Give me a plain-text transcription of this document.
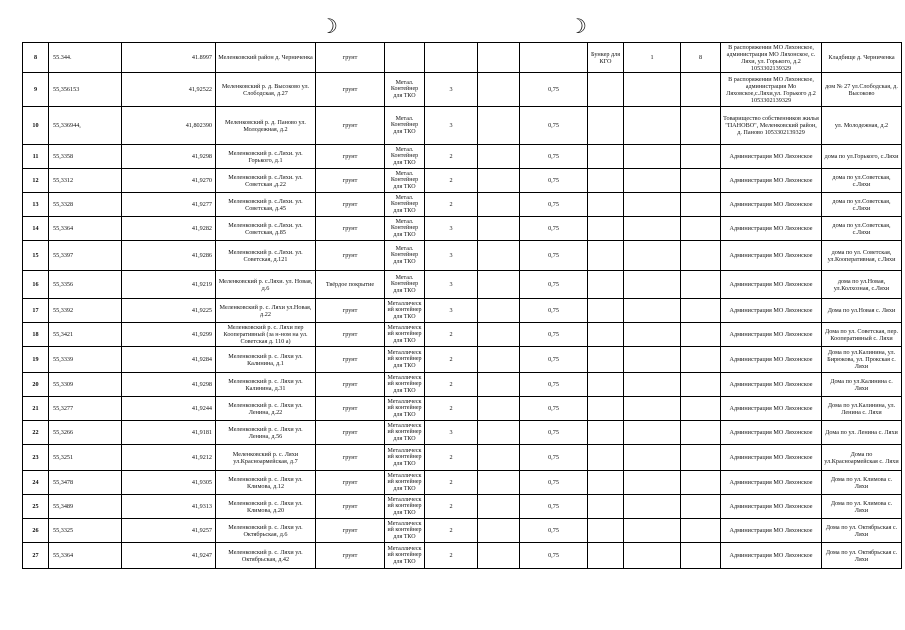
☽	☽
8	55.344.	41.8997	Меленковский район д. Черниченка	грунт					Бункер для КГО	1	8	В распоряжении МО Ляхонское, администрация МО Ляхонское, с. Ляхи, ул. Горького, д.2 1053302139329	Кладбище д. Черниченка
9	55,356153	41,92522	Меленковский р. д. Высоково ул. Слободская, д.27	грунт	Метал. Контейнер для ТКО	3		0,75				В распоряжении МО Ляхонское, администрация Мо Ляховское,с.Ляхи,ул. Горького д.2 1053302139329	дом № 27 ул.Слободская, д. Высоково
10	55,336944,	41,802390	Меленковский р. д. Паново ул. Молодежная, д.2	грунт	Метал. Контейнер для ТКО	3		0,75				Товарищество собственников жилья "ПАНОВО", Меленковский район, д. Паново 1053302139329	ул. Молодежная, д.2
11	55,3358	41,9298	Меленковский р. с.Ляхи. ул. Горького, д.1	грунт	Метал. Контейнер для ТКО	2		0,75				Администрация МО Ляхонское	дома по ул.Горького, с.Ляхи
12	55,3312	41,9270	Меленковский р. с.Ляхи. ул. Советская ,д.22	грунт	Метал. Контейнер для ТКО	2		0,75				Администрация МО Ляхонское	дома по ул.Советская, с.Ляхи
13	55,3328	41,9277	Меленковский р. с.Ляхи. ул. Советская, д.45	грунт	Метал. Контейнер для ТКО	2		0,75				Администрация МО Ляхонское	дома по ул.Советская, с.Ляхи
14	55,3364	41,9282	Меленковский р. с.Ляхи. ул. Советская, д.85	грунт	Метал. Контейнер для ТКО	3		0,75				Администрация МО Ляхонское	дома по ул.Советская, с.Ляхи
15	55,3397	41,9286	Меленковский р. с.Ляхи. ул. Советская, д.121	грунт	Метал. Контейнер для ТКО	3		0,75				Администрация МО Ляхонское	дома по ул. Советская, ул.Кооперативная, с.Ляхи
16	55,3356	41,9219	Меленковский р. с.Ляхи. ул. Новая, д.6	Твёрдое покрытие	Метал. Контейнер для ТКО	3		0,75				Администрация МО Ляхонское	дома по ул.Новая, ул.Колхозная, с.Ляхи
17	55,3392	41,9225	Меленковский р. с. Ляхи ул.Новая, д.22	грунт	Металлический контейнер для ТКО	3		0,75				Администрация МО Ляхонское	Дома по ул.Новая с. Ляхи
18	55,3421	41,9299	Меленковский р. с. Ляхи пер Кооперативный (за н-ном на ул. Советская д. 110 а)	грунт	Металлический контейнер для ТКО	2		0,75				Администрация МО Ляхонское	Дома по ул. Советская, пер. Кооперативный с. Ляхи
19	55,3339	41,9284	Меленковский р. с. Ляхи ул. Калинина, д.1	грунт	Металлический контейнер для ТКО	2		0,75				Администрация МО Ляхонское	Дома по ул.Калинина, ул. Бирюкова, ул. Прокская с. Ляхи
20	55,3309	41,9298	Меленковский р. с. Ляхи ул. Калинина, д.31	грунт	Металлический контейнер для ТКО	2		0,75				Администрация МО Ляхонское	Дома по ул.Калинина с. Ляхи
21	55,3277	41,9244	Меленковский р. с. Ляхи ул. Ленина, д.22	грунт	Металлический контейнер для ТКО	2		0,75				Администрация МО Ляхонское	Дома по ул.Калинина, ул. Ленина с. Ляхи
22	55,3266	41,9181	Меленковский р. с. Ляхи ул. Ленина, д.56	грунт	Металлический контейнер для ТКО	3		0,75				Администрация МО Ляхонское	Дома по ул. Ленина с. Ляхи
23	55,3251	41,9212	Меленковский р. с. Ляхи ул.Красноармейская, д.7	грунт	Металлический контейнер для ТКО	2		0,75				Администрация МО Ляхонское	Дома по ул.Красноармейская с. Ляхи
24	55,3478	41,9305	Меленковский р. с. Ляхи ул. Климова, д.12	грунт	Металлический контейнер для ТКО	2		0,75				Администрация МО Ляхонское	Дома по ул. Климова с. Ляхи
25	55,3489	41,9313	Меленковский р. с. Ляхи ул. Климова, д.20	грунт	Металлический контейнер для ТКО	2		0,75				Администрация МО Ляхонское	Дома по ул. Климова с. Ляхи
26	55,3325	41,9257	Меленковский р. с. Ляхи ул. Октябрьская, д.6	грунт	Металлический контейнер для ТКО	2		0,75				Администрация МО Ляхонское	Дома по ул. Октябрьская с. Ляхи
27	55,3364	41,9247	Меленковский р. с. Ляхи ул. Октябрьская, д.42	грунт	Металлический контейнер для ТКО	2		0,75				Администрация МО Ляхонское	Дома по ул. Октябрьская с. Ляхи
